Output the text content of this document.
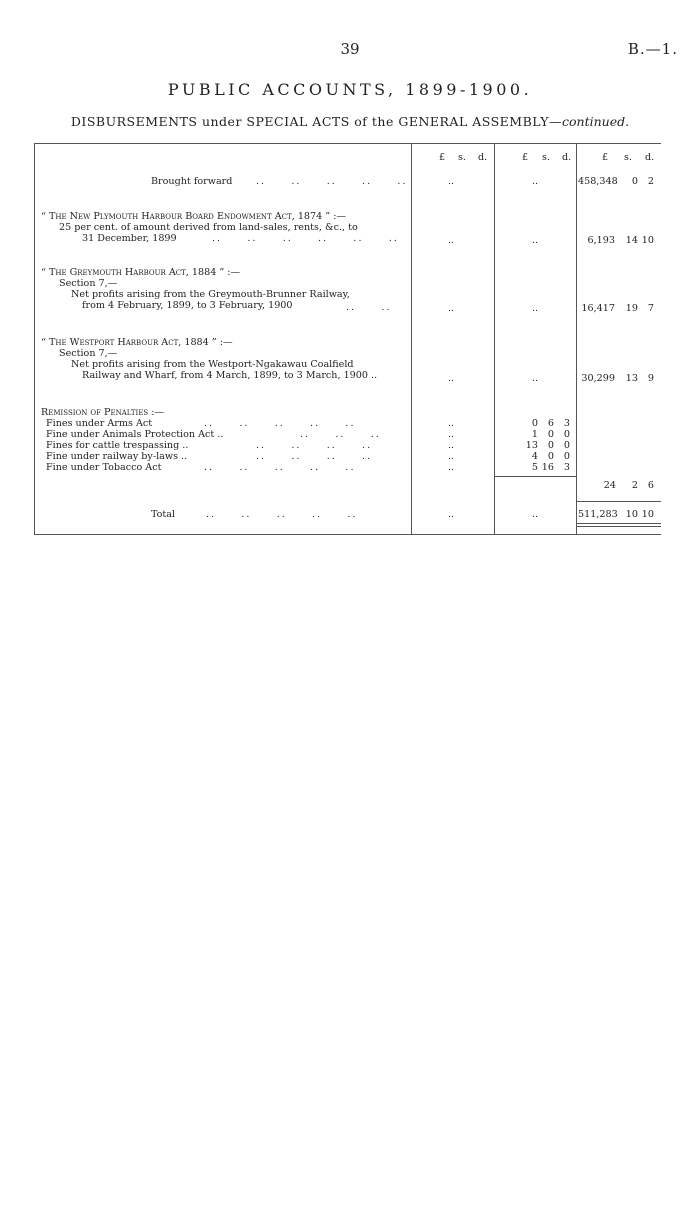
39	B.—1.
PUBLIC ACCOUNTS, 1899-1900.
DISBURSEMENTS under SPECIAL ACTS of the GENERAL ASSEMBLY—continued.
£ s. d.	£ s. d.	£ s. d.
Brought forward ..     ..     ..     ..     ..	..	..	458,348	0	2
“ The New Plymouth Harbour Board Endowment Act, 1874 ” :—
25 per cent. of amount derived from land-sales, rents, &c., to
31 December, 1899	..     ..     ..     ..     ..     ..	..	..	6,193	14 10
“ The Greymouth Harbour Act, 1884 ” :—
Section 7,—
Net profits arising from the Greymouth-Brunner Railway,
from 4 February, 1899, to 3 February, 1900	..     ..	..	..	16,417	19	7
“ The Westport Harbour Act, 1884 ” :—
Section 7,—
Net profits arising from the Westport-Ngakawau Coalfield
Railway and Wharf, from 4 March, 1899, to 3 March, 1900 ..	..	..	30,299	13	9
Remission of Penalties :—
Fines under Arms Act	..     ..     ..     ..     ..	..	0	6	3
Fine under Animals Protection Act ..	..     ..     ..	..	1	0	0
Fines for cattle trespassing ..	..     ..     ..     ..	..	13	0	0
Fine under railway by-laws ..	..     ..     ..     ..	..	4	0	0
Fine under Tobacco Act	..     ..     ..     ..     ..	..	5 16	3
24	2	6
Total	..     ..     ..     ..     ..	..	..	511,283 10 10
